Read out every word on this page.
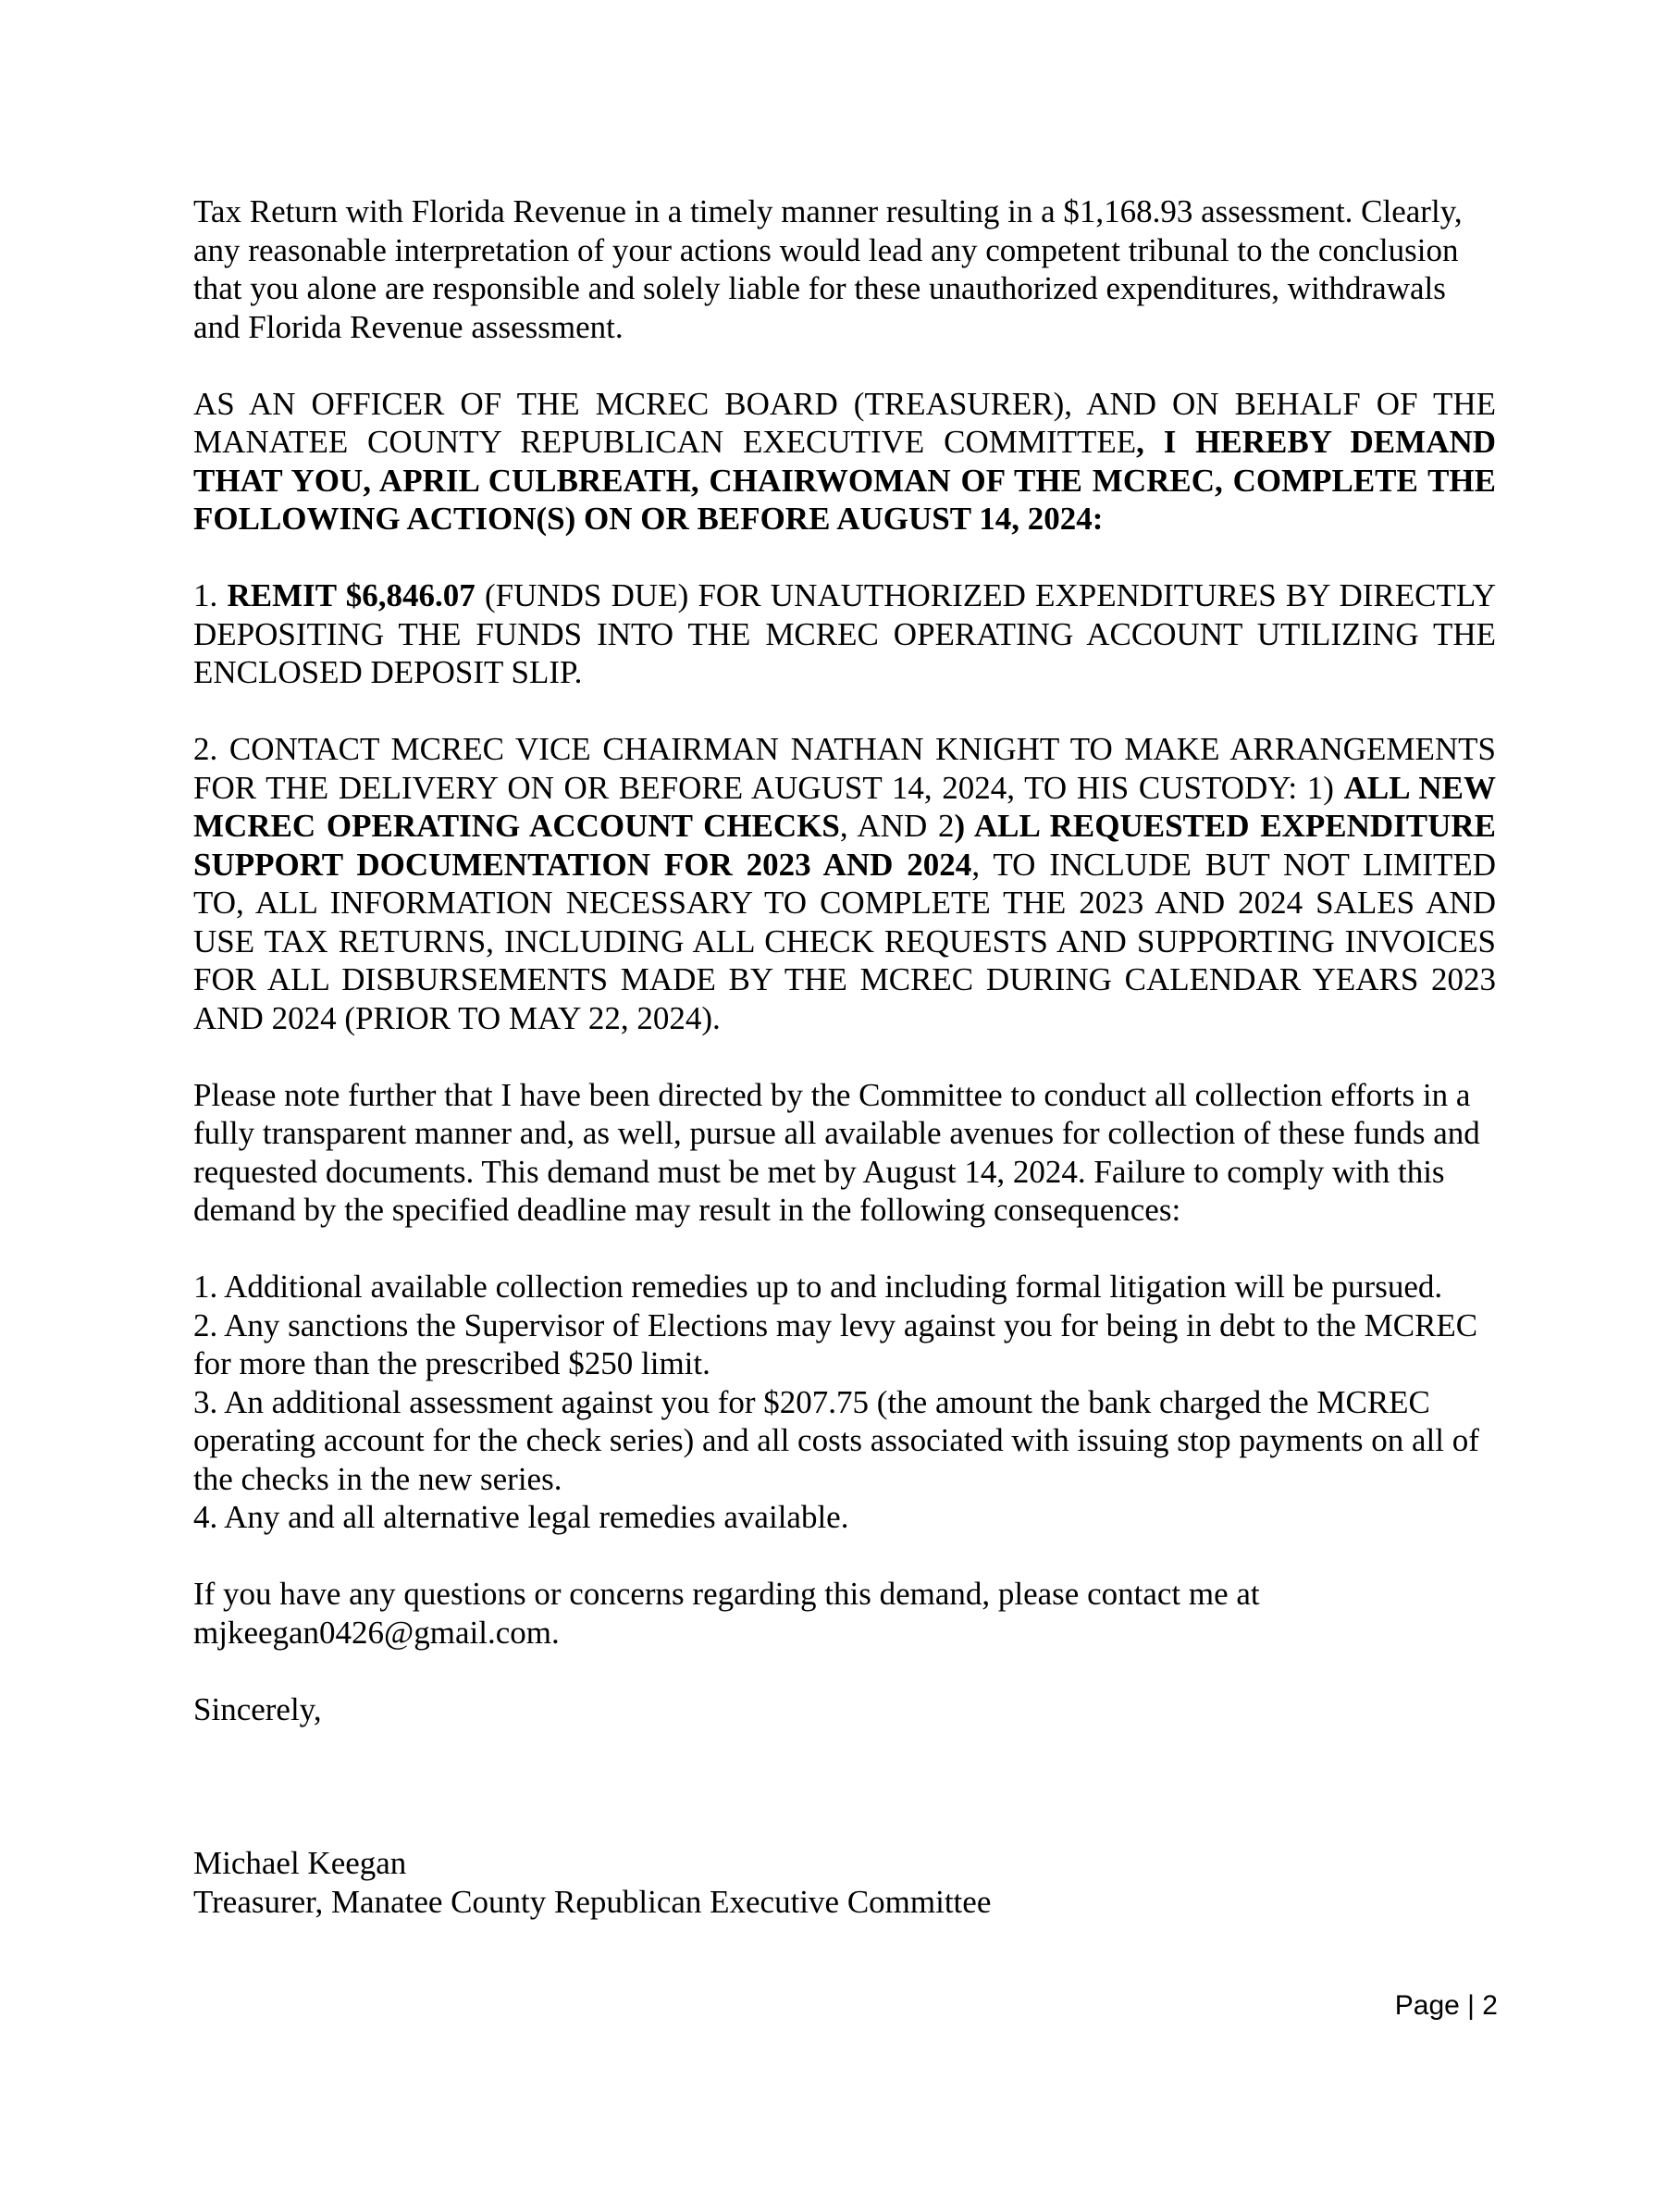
Tax Return with Florida Revenue in a timely manner resulting in a $1,168.93 assessment. Clearly, any reasonable interpretation of your actions would lead any competent tribunal to the conclusion that you alone are responsible and solely liable for these unauthorized expenditures, withdrawals and Florida Revenue assessment.

AS AN OFFICER OF THE MCREC BOARD (TREASURER), AND ON BEHALF OF THE MANATEE COUNTY REPUBLICAN EXECUTIVE COMMITTEE, I HEREBY DEMAND THAT YOU, APRIL CULBREATH, CHAIRWOMAN OF THE MCREC, COMPLETE THE FOLLOWING ACTION(S) ON OR BEFORE AUGUST 14, 2024:

1. REMIT $6,846.07 (FUNDS DUE) FOR UNAUTHORIZED EXPENDITURES BY DIRECTLY DEPOSITING THE FUNDS INTO THE MCREC OPERATING ACCOUNT UTILIZING THE ENCLOSED DEPOSIT SLIP.

2. CONTACT MCREC VICE CHAIRMAN NATHAN KNIGHT TO MAKE ARRANGEMENTS FOR THE DELIVERY ON OR BEFORE AUGUST 14, 2024, TO HIS CUSTODY: 1) ALL NEW MCREC OPERATING ACCOUNT CHECKS, AND 2) ALL REQUESTED EXPENDITURE SUPPORT DOCUMENTATION FOR 2023 AND 2024, TO INCLUDE BUT NOT LIMITED TO, ALL INFORMATION NECESSARY TO COMPLETE THE 2023 AND 2024 SALES AND USE TAX RETURNS, INCLUDING ALL CHECK REQUESTS AND SUPPORTING INVOICES FOR ALL DISBURSEMENTS MADE BY THE MCREC DURING CALENDAR YEARS 2023 AND 2024 (PRIOR TO MAY 22, 2024).

Please note further that I have been directed by the Committee to conduct all collection efforts in a fully transparent manner and, as well, pursue all available avenues for collection of these funds and requested documents. This demand must be met by August 14, 2024. Failure to comply with this demand by the specified deadline may result in the following consequences:

1. Additional available collection remedies up to and including formal litigation will be pursued.

2. Any sanctions the Supervisor of Elections may levy against you for being in debt to the MCREC for more than the prescribed $250 limit.

3. An additional assessment against you for $207.75 (the amount the bank charged the MCREC operating account for the check series) and all costs associated with issuing stop payments on all of the checks in the new series.

4. Any and all alternative legal remedies available.

If you have any questions or concerns regarding this demand, please contact me at mjkeegan0426@gmail.com.

Sincerely,

Michael Keegan

Treasurer, Manatee County Republican Executive Committee

Page | 2
